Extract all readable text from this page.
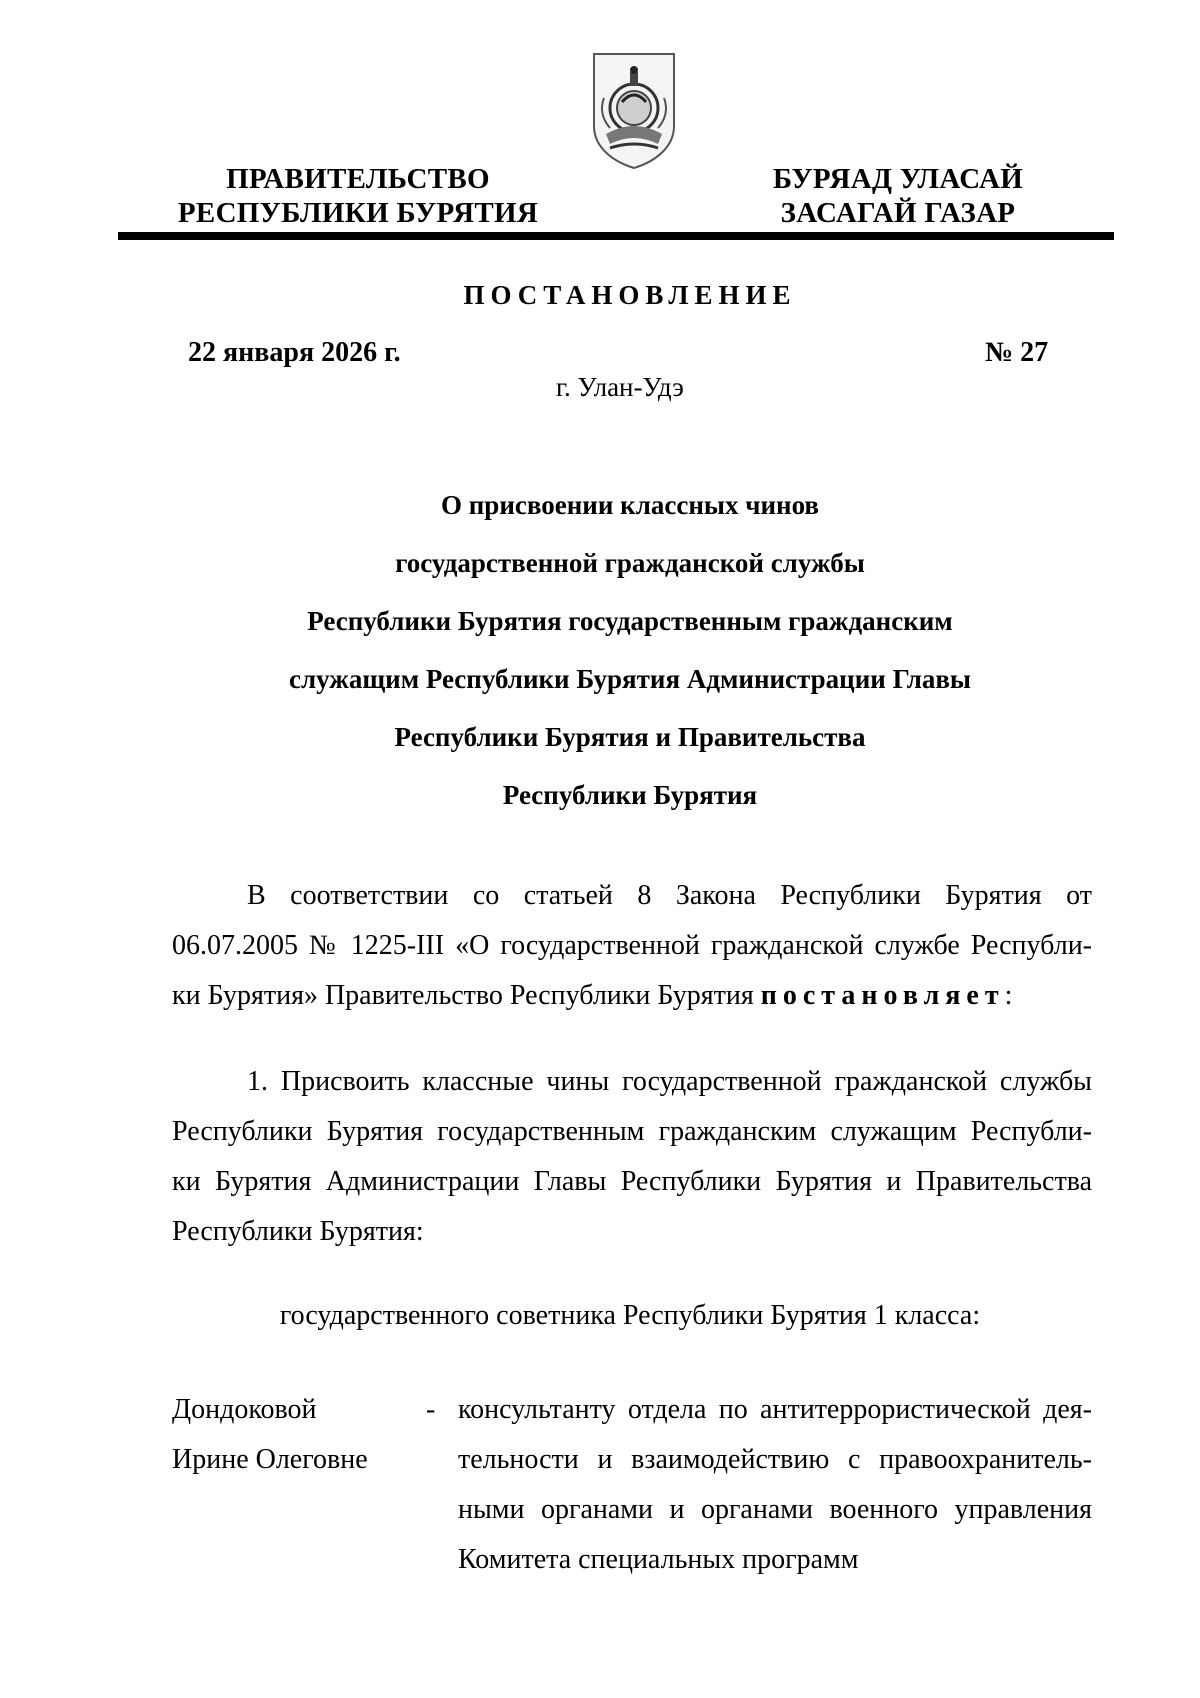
ПРАВИТЕЛЬСТВО
РЕСПУБЛИКИ БУРЯТИЯ
БУРЯАД УЛАСАЙ
ЗАСАГАЙ ГАЗАР
ПОСТАНОВЛЕНИЕ
22 января 2026 г.	№ 27
г. Улан-Удэ
О присвоении классных чинов
государственной гражданской службы
Республики Бурятия государственным гражданским
служащим Республики Бурятия Администрации Главы
Республики Бурятия и Правительства
Республики Бурятия
В соответствии со статьей 8 Закона Республики Бурятия от
06.07.2005 № 1225-III «О государственной гражданской службе Республи-
ки Бурятия» Правительство Республики Бурятия постановляет:
1. Присвоить классные чины государственной гражданской службы
Республики Бурятия государственным гражданским служащим Республи-
ки Бурятия Администрации Главы Республики Бурятия и Правительства
Республики Бурятия:
государственного советника Республики Бурятия 1 класса:
Дондоковой
Ирине Олеговне
- консультанту отдела по антитеррористической дея-
тельности и взаимодействию с правоохранитель-
ными органами и органами военного управления
Комитета специальных программ
